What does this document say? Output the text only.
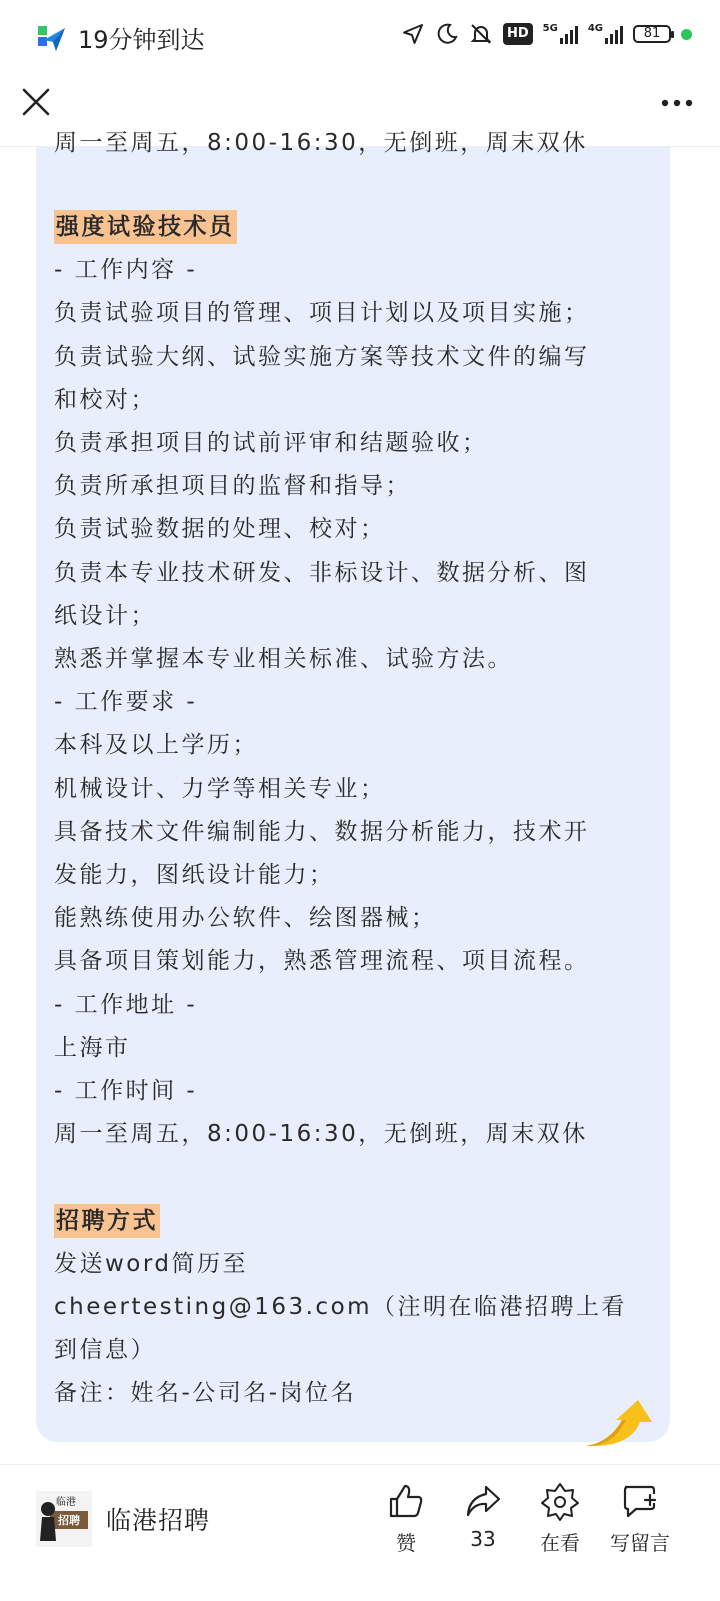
19分钟到达	HD	5G	4G	81
周一至周五，8:00-16:30，无倒班，周末双休
强度试验技术员
- 工作内容 -
负责试验项目的管理、项目计划以及项目实施；
负责试验大纲、试验实施方案等技术文件的编写
和校对；
负责承担项目的试前评审和结题验收；
负责所承担项目的监督和指导；
负责试验数据的处理、校对；
负责本专业技术研发、非标设计、数据分析、图
纸设计；
熟悉并掌握本专业相关标准、试验方法。
- 工作要求 -
本科及以上学历；
机械设计、力学等相关专业；
具备技术文件编制能力、数据分析能力，技术开
发能力，图纸设计能力；
能熟练使用办公软件、绘图器械；
具备项目策划能力，熟悉管理流程、项目流程。
- 工作地址 -
上海市
- 工作时间 -
周一至周五，8:00-16:30，无倒班，周末双休

招聘方式
发送word简历至
cheertesting@163.com（注明在临港招聘上看
到信息）
备注：姓名-公司名-岗位名
临港
招聘 临港招聘
赞	33	在看	写留言
